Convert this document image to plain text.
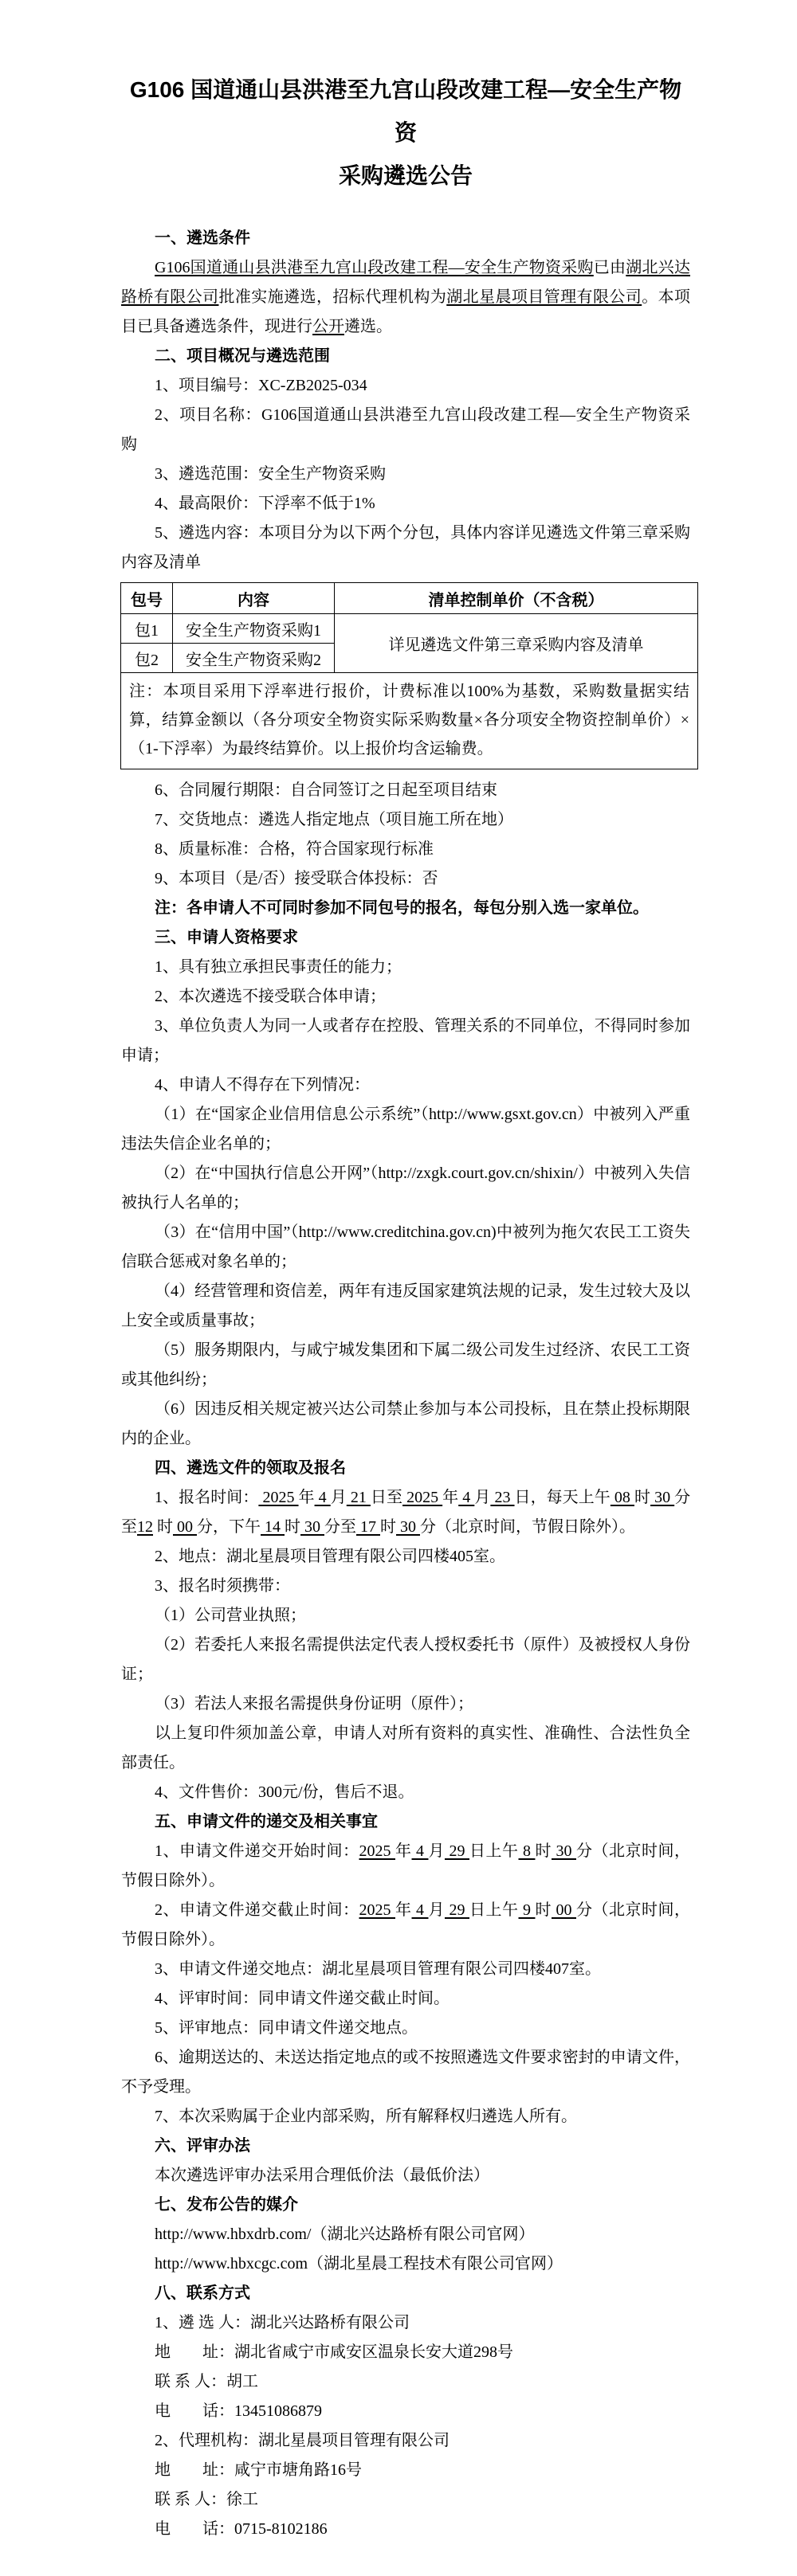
G106 国道通山县洪港至九宫山段改建工程—安全生产物资
采购遴选公告

一、遴选条件

G106国道通山县洪港至九宫山段改建工程—安全生产物资采购已由湖北兴达路桥有限公司批准实施遴选，招标代理机构为湖北星晨项目管理有限公司。本项目已具备遴选条件，现进行公开遴选。

二、项目概况与遴选范围

1、项目编号：XC-ZB2025-034

2、项目名称：G106国道通山县洪港至九宫山段改建工程—安全生产物资采购

3、遴选范围：安全生产物资采购

4、最高限价：下浮率不低于1%

5、遴选内容：本项目分为以下两个分包，具体内容详见遴选文件第三章采购内容及清单

包号	内容	清单控制单价（不含税）
包1	安全生产物资采购1	详见遴选文件第三章采购内容及清单
包2	安全生产物资采购2	
注：本项目采用下浮率进行报价，计费标准以100%为基数，采购数量据实结算，结算金额以（各分项安全物资实际采购数量×各分项安全物资控制单价）×（1-下浮率）为最终结算价。以上报价均含运输费。		

6、合同履行期限：自合同签订之日起至项目结束

7、交货地点：遴选人指定地点（项目施工所在地）

8、质量标准：合格，符合国家现行标准

9、本项目（是/否）接受联合体投标：否

注：各申请人不可同时参加不同包号的报名，每包分别入选一家单位。

三、申请人资格要求

1、具有独立承担民事责任的能力；

2、本次遴选不接受联合体申请；

3、单位负责人为同一人或者存在控股、管理关系的不同单位，不得同时参加申请；

4、申请人不得存在下列情况：

（1）在“国家企业信用信息公示系统”（http://www.gsxt.gov.cn）中被列入严重违法失信企业名单的；

（2）在“中国执行信息公开网”（http://zxgk.court.gov.cn/shixin/）中被列入失信被执行人名单的；

（3）在“信用中国”（http://www.creditchina.gov.cn)中被列为拖欠农民工工资失信联合惩戒对象名单的；

（4）经营管理和资信差，两年有违反国家建筑法规的记录，发生过较大及以上安全或质量事故；

（5）服务期限内，与咸宁城发集团和下属二级公司发生过经济、农民工工资或其他纠纷；

（6）因违反相关规定被兴达公司禁止参加与本公司投标，且在禁止投标期限内的企业。

四、遴选文件的领取及报名

1、报名时间： 2025 年 4 月 21 日至 2025 年 4 月 23 日，每天上午 08 时 30 分至12 时 00 分，下午 14 时 30 分至 17 时 30 分（北京时间，节假日除外）。

2、地点：湖北星晨项目管理有限公司四楼405室。

3、报名时须携带：

（1）公司营业执照；

（2）若委托人来报名需提供法定代表人授权委托书（原件）及被授权人身份证；

（3）若法人来报名需提供身份证明（原件）；

以上复印件须加盖公章，申请人对所有资料的真实性、准确性、合法性负全部责任。

4、文件售价：300元/份，售后不退。

五、申请文件的递交及相关事宜

1、申请文件递交开始时间：2025 年 4 月 29 日上午 8 时 30 分（北京时间，节假日除外）。

2、申请文件递交截止时间：2025 年 4 月 29 日上午 9 时 00 分（北京时间，节假日除外）。

3、申请文件递交地点：湖北星晨项目管理有限公司四楼407室。

4、评审时间：同申请文件递交截止时间。

5、评审地点：同申请文件递交地点。

6、逾期送达的、未送达指定地点的或不按照遴选文件要求密封的申请文件，不予受理。

7、本次采购属于企业内部采购，所有解释权归遴选人所有。

六、评审办法

本次遴选评审办法采用合理低价法（最低价法）

七、发布公告的媒介

http://www.hbxdrb.com/（湖北兴达路桥有限公司官网）

http://www.hbxcgc.com（湖北星晨工程技术有限公司官网）

八、联系方式

1、遴 选 人：湖北兴达路桥有限公司

地　　址：湖北省咸宁市咸安区温泉长安大道298号

联 系 人：胡工

电　　话：13451086879

2、代理机构：湖北星晨项目管理有限公司

地　　址：咸宁市塘角路16号

联 系 人：徐工

电　　话：0715-8102186
